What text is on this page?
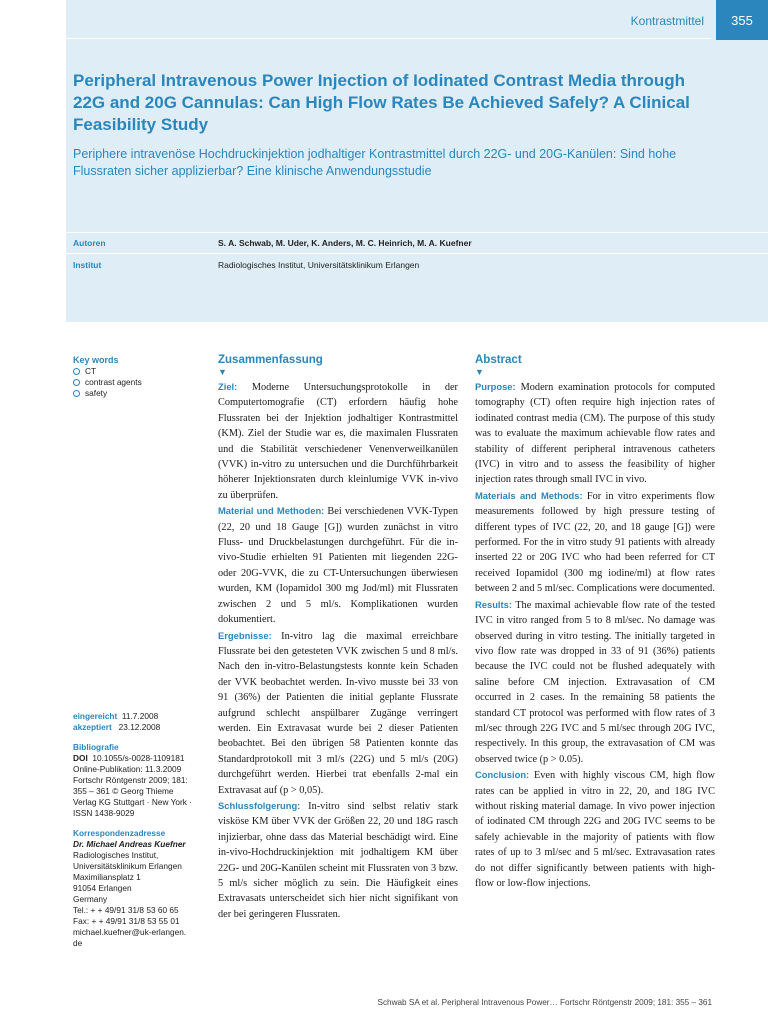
Kontrastmittel	355
Peripheral Intravenous Power Injection of Iodinated Contrast Media through 22G and 20G Cannulas: Can High Flow Rates Be Achieved Safely? A Clinical Feasibility Study

Periphere intravenöse Hochdruckinjektion jodhaltiger Kontrastmittel durch 22G- und 20G-Kanülen: Sind hohe Flussraten sicher applizierbar? Eine klinische Anwendungsstudie

Autoren	S. A. Schwab, M. Uder, K. Anders, M. C. Heinrich, M. A. Kuefner
Institut	Radiologisches Institut, Universitätsklinikum Erlangen
Key words
CT
contrast agents
safety
eingereicht 11.7.2008
akzeptiert 23.12.2008
Bibliografie
DOI 10.1055/s-0028-1109181
Online-Publikation: 11.3.2009
Fortschr Röntgenstr 2009; 181:
355 – 361 © Georg Thieme
Verlag KG Stuttgart · New York ·
ISSN 1438-9029
Korrespondenzadresse
Dr. Michael Andreas Kuefner
Radiologisches Institut,
Universitätsklinikum Erlangen
Maximiliansplatz 1
91054 Erlangen
Germany
Tel.: + + 49/91 31/8 53 60 65
Fax: + + 49/91 31/8 53 55 01
michael.kuefner@uk-erlangen.
de
Zusammenfassung
▼

Ziel: Moderne Untersuchungsprotokolle in der Computertomografie (CT) erfordern häufig hohe Flussraten bei der Injektion jodhaltiger Kontrastmittel (KM). Ziel der Studie war es, die maximalen Flussraten und die Stabilität verschiedener Venenverweilkanülen (VVK) in-vitro zu untersuchen und die Durchführbarkeit höherer Injektionsraten durch kleinlumige VVK in-vivo zu überprüfen.
Material und Methoden: Bei verschiedenen VVK-Typen (22, 20 und 18 Gauge [G]) wurden zunächst in vitro Fluss- und Druckbelastungen durchgeführt. Für die in-vivo-Studie erhielten 91 Patienten mit liegenden 22G- oder 20G-VVK, die zu CT-Untersuchungen überwiesen wurden, KM (Iopamidol 300 mg Jod/ml) mit Flussraten zwischen 2 und 5 ml/s. Komplikationen wurden dokumentiert.
Ergebnisse: In-vitro lag die maximal erreichbare Flussrate bei den getesteten VVK zwischen 5 und 8 ml/s. Nach den in-vitro-Belastungstests konnte kein Schaden der VVK beobachtet werden. In-vivo musste bei 33 von 91 (36%) der Patienten die initial geplante Flussrate aufgrund schlecht anspülbarer Zugänge verringert werden. Ein Extravasat wurde bei 2 dieser Patienten beobachtet. Bei den übrigen 58 Patienten konnte das Standardprotokoll mit 3 ml/s (22G) und 5 ml/s (20G) durchgeführt werden. Hierbei trat ebenfalls 2-mal ein Extravasat auf (p > 0,05).
Schlussfolgerung: In-vitro sind selbst relativ stark visköse KM über VVK der Größen 22, 20 und 18G rasch injizierbar, ohne dass das Material beschädigt wird. Eine in-vivo-Hochdruckinjektion mit jodhaltigem KM über 22G- und 20G-Kanülen scheint mit Flussraten von 3 bzw. 5 ml/s sicher möglich zu sein. Die Häufigkeit eines Extravasats unterscheidet sich hier nicht signifikant von der bei geringeren Flussraten.

Abstract
▼

Purpose: Modern examination protocols for computed tomography (CT) often require high injection rates of iodinated contrast media (CM). The purpose of this study was to evaluate the maximum achievable flow rates and stability of different peripheral intravenous catheters (IVC) in vitro and to assess the feasibility of higher injection rates through small IVC in vivo.
Materials and Methods: For in vitro experiments flow measurements followed by high pressure testing of different types of IVC (22, 20, and 18 gauge [G]) were performed. For the in vitro study 91 patients with already inserted 22 or 20G IVC who had been referred for CT received Iopamidol (300 mg iodine/ml) at flow rates between 2 and 5 ml/sec. Complications were documented.
Results: The maximal achievable flow rate of the tested IVC in vitro ranged from 5 to 8 ml/sec. No damage was observed during in vitro testing. The initially targeted in vivo flow rate was dropped in 33 of 91 (36%) patients because the IVC could not be flushed adequately with saline before CM injection. Extravasation of CM occurred in 2 cases. In the remaining 58 patients the standard CT protocol was performed with flow rates of 3 ml/sec through 22G IVC and 5 ml/sec through 20G IVC, respectively. In this group, the extravasation of CM was observed twice (p > 0.05).
Conclusion: Even with highly viscous CM, high flow rates can be applied in vitro in 22, 20, and 18G IVC without risking material damage. In vivo power injection of iodinated CM through 22G and 20G IVC seems to be safely achievable in the majority of patients with flow rates of up to 3 ml/sec and 5 ml/sec. Extravasation rates do not differ significantly between patients with high-flow or low-flow injections.

Schwab SA et al. Peripheral Intravenous Power… Fortschr Röntgenstr 2009; 181: 355 – 361
